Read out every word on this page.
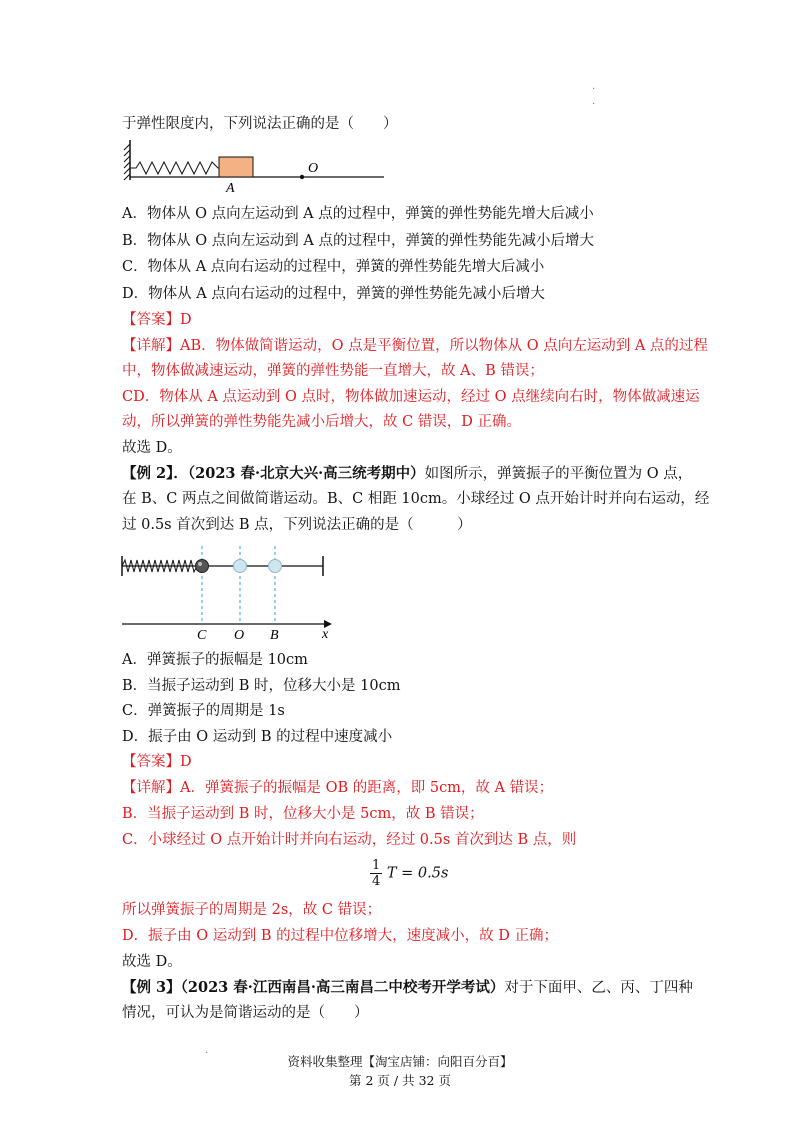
·
·
于弹性限度内，下列说法正确的是（　　）
A
O
A．物体从 O 点向左运动到 A 点的过程中，弹簧的弹性势能先增大后减小
B．物体从 O 点向左运动到 A 点的过程中，弹簧的弹性势能先减小后增大
C．物体从 A 点向右运动的过程中，弹簧的弹性势能先增大后减小
D．物体从 A 点向右运动的过程中，弹簧的弹性势能先减小后增大
【答案】D
【详解】AB．物体做简谐运动，O 点是平衡位置，所以物体从 O 点向左运动到 A 点的过程
中，物体做减速运动，弹簧的弹性势能一直增大，故 A、B 错误；
CD．物体从 A 点运动到 O 点时，物体做加速运动，经过 O 点继续向右时，物体做减速运
动，所以弹簧的弹性势能先减小后增大，故 C 错误，D 正确。
故选 D。
【例 2】．（2023 春·北京大兴·高三统考期中）如图所示，弹簧振子的平衡位置为 O 点，
在 B、C 两点之间做简谐运动。B、C 相距 10cm。小球经过 O 点开始计时并向右运动，经
过 0.5s 首次到达 B 点，下列说法正确的是（　　　）
C O B	x
A．弹簧振子的振幅是 10cm
B．当振子运动到 B 时，位移大小是 10cm
C．弹簧振子的周期是 1s
D．振子由 O 运动到 B 的过程中速度减小
【答案】D
【详解】A．弹簧振子的振幅是 OB 的距离，即 5cm，故 A 错误；
B．当振子运动到 B 时，位移大小是 5cm，故 B 错误；
C．小球经过 O 点开始计时并向右运动，经过 0.5s 首次到达 B 点，则
$\frac{1}{4}$ T = 0.5s
所以弹簧振子的周期是 2s，故 C 错误；
D．振子由 O 运动到 B 的过程中位移增大，速度减小，故 D 正确；
故选 D。
【例 3】（2023 春·江西南昌·高三南昌二中校考开学考试）对于下面甲、乙、丙、丁四种
情况，可认为是简谐运动的是（　　）
·
资料收集整理【淘宝店铺：向阳百分百】
第 2 页 / 共 32 页
